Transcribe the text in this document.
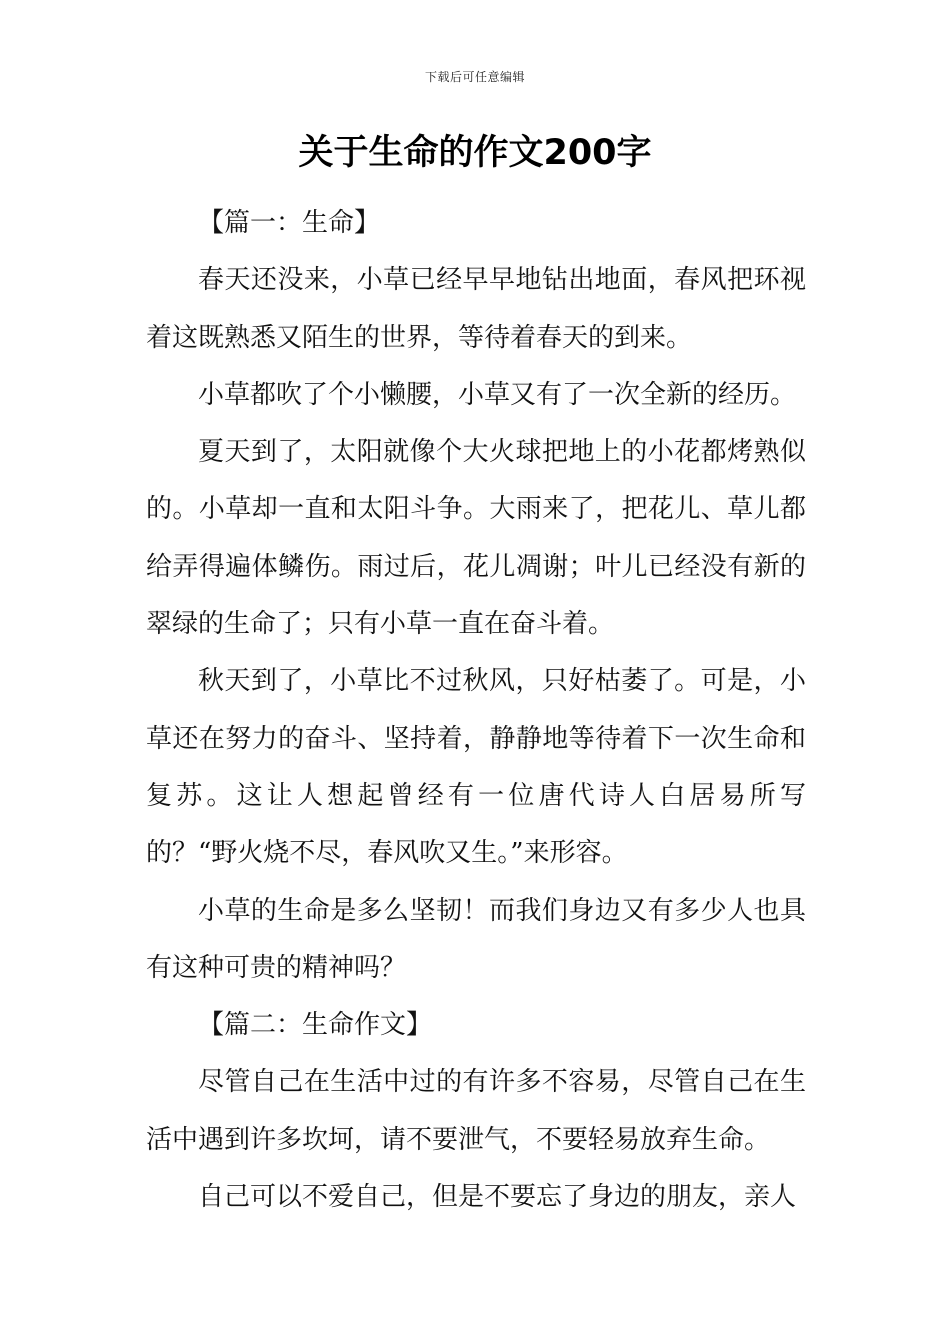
下载后可任意编辑
关于生命的作文200字

【篇一：生命】

春天还没来，小草已经早早地钻出地面，春风把环视着这既熟悉又陌生的世界，等待着春天的到来。

小草都吹了个小懒腰，小草又有了一次全新的经历。

夏天到了，太阳就像个大火球把地上的小花都烤熟似的。小草却一直和太阳斗争。大雨来了，把花儿、草儿都给弄得遍体鳞伤。雨过后，花儿凋谢；叶儿已经没有新的翠绿的生命了；只有小草一直在奋斗着。

秋天到了，小草比不过秋风，只好枯萎了。可是，小草还在努力的奋斗、坚持着，静静地等待着下一次生命和复苏。这让人想起曾经有一位唐代诗人白居易所写的？“野火烧不尽，春风吹又生。”来形容。

小草的生命是多么坚韧！而我们身边又有多少人也具有这种可贵的精神吗？

【篇二：生命作文】

尽管自己在生活中过的有许多不容易，尽管自己在生活中遇到许多坎坷，请不要泄气，不要轻易放弃生命。

自己可以不爱自己，但是不要忘了身边的朋友，亲人
